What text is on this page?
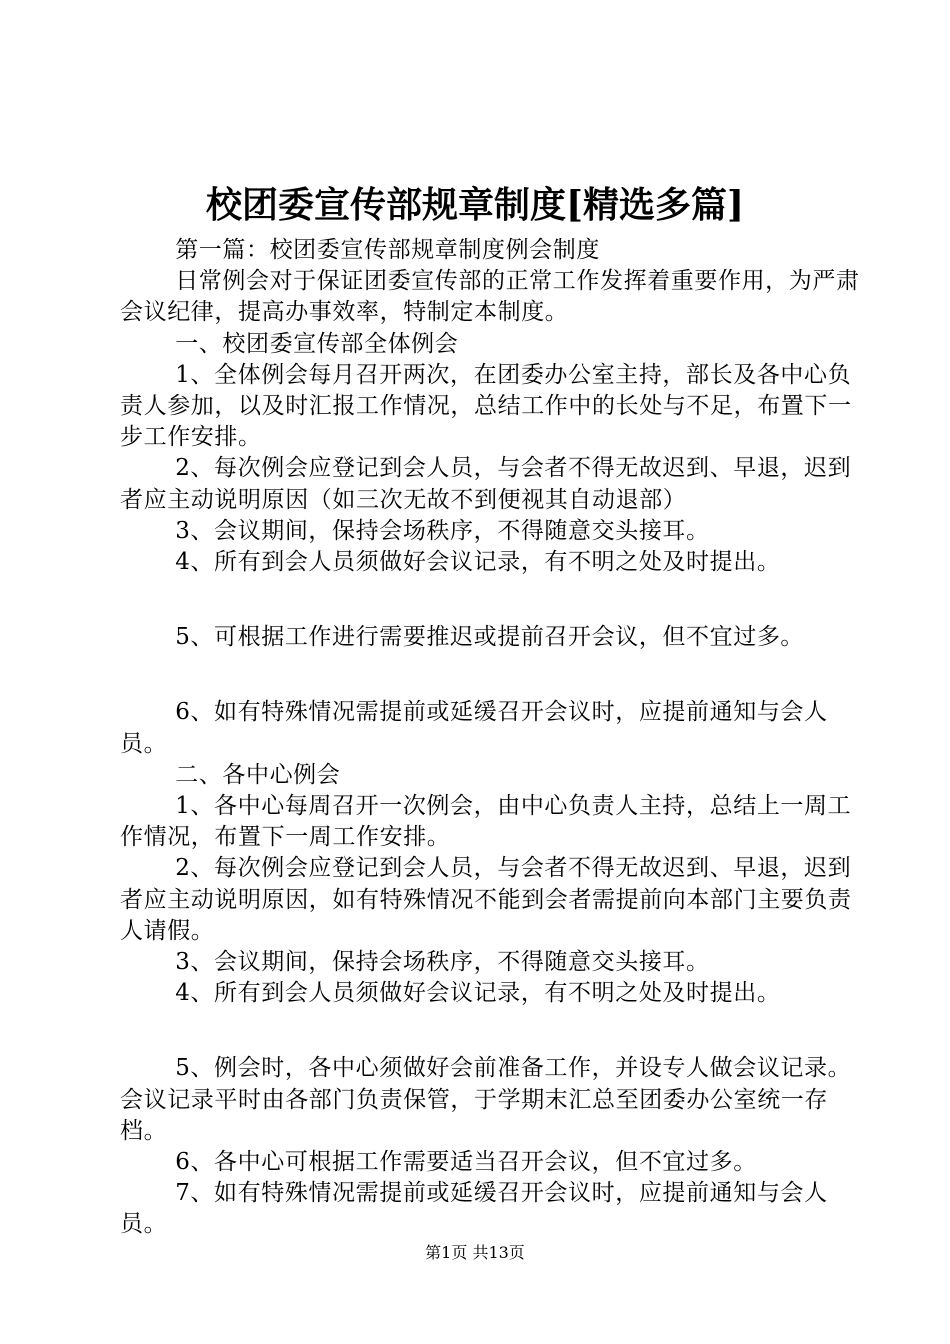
校团委宣传部规章制度[精选多篇]

第一篇：校团委宣传部规章制度例会制度

日常例会对于保证团委宣传部的正常工作发挥着重要作用，为严肃会议纪律，提高办事效率，特制定本制度。

一、校团委宣传部全体例会

1、全体例会每月召开两次，在团委办公室主持，部长及各中心负责人参加，以及时汇报工作情况，总结工作中的长处与不足，布置下一步工作安排。

2、每次例会应登记到会人员，与会者不得无故迟到、早退，迟到者应主动说明原因（如三次无故不到便视其自动退部）

3、会议期间，保持会场秩序，不得随意交头接耳。

4、所有到会人员须做好会议记录，有不明之处及时提出。

5、可根据工作进行需要推迟或提前召开会议，但不宜过多。

6、如有特殊情况需提前或延缓召开会议时，应提前通知与会人员。

二、各中心例会

1、各中心每周召开一次例会，由中心负责人主持，总结上一周工作情况，布置下一周工作安排。

2、每次例会应登记到会人员，与会者不得无故迟到、早退，迟到者应主动说明原因，如有特殊情况不能到会者需提前向本部门主要负责人请假。

3、会议期间，保持会场秩序，不得随意交头接耳。

4、所有到会人员须做好会议记录，有不明之处及时提出。

5、例会时，各中心须做好会前准备工作，并设专人做会议记录。会议记录平时由各部门负责保管，于学期末汇总至团委办公室统一存档。

6、各中心可根据工作需要适当召开会议，但不宜过多。

7、如有特殊情况需提前或延缓召开会议时，应提前通知与会人员。

第1页 共13页
